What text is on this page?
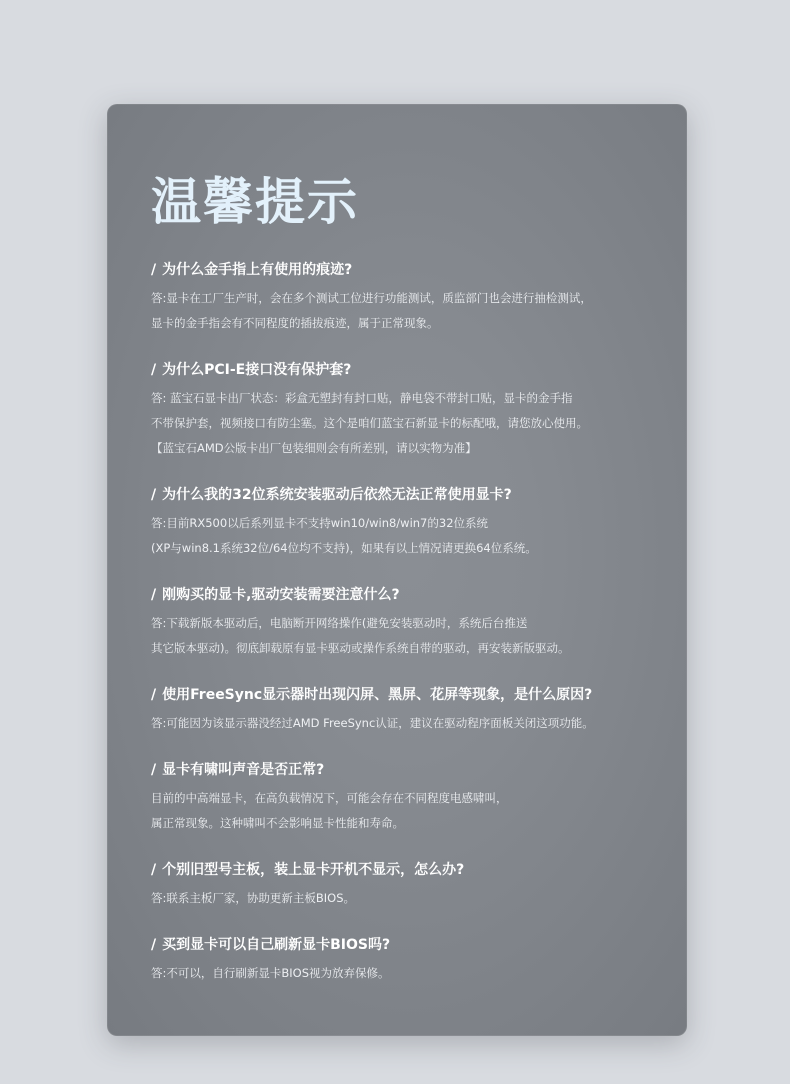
温馨提示
/ 为什么金手指上有使用的痕迹?
答:显卡在工厂生产时，会在多个测试工位进行功能测试，质监部门也会进行抽检测试，
显卡的金手指会有不同程度的插拔痕迹，属于正常现象。
/ 为什么PCI-E接口没有保护套?
答: 蓝宝石显卡出厂状态：彩盒无塑封有封口贴，静电袋不带封口贴，显卡的金手指
不带保护套，视频接口有防尘塞。这个是咱们蓝宝石新显卡的标配哦，请您放心使用。
【蓝宝石AMD公版卡出厂包装细则会有所差别，请以实物为准】
/ 为什么我的32位系统安装驱动后依然无法正常使用显卡?
答:目前RX500以后系列显卡不支持win10/win8/win7的32位系统
(XP与win8.1系统32位/64位均不支持)，如果有以上情况请更换64位系统。
/ 刚购买的显卡,驱动安装需要注意什么?
答:下载新版本驱动后，电脑断开网络操作(避免安装驱动时，系统后台推送
其它版本驱动)。彻底卸载原有显卡驱动或操作系统自带的驱动，再安装新版驱动。
/ 使用FreeSync显示器时出现闪屏、黑屏、花屏等现象，是什么原因?
答:可能因为该显示器没经过AMD FreeSync认证，建议在驱动程序面板关闭这项功能。
/ 显卡有啸叫声音是否正常?
目前的中高端显卡，在高负载情况下，可能会存在不同程度电感啸叫，
属正常现象。这种啸叫不会影响显卡性能和寿命。
/ 个别旧型号主板，装上显卡开机不显示，怎么办?
答:联系主板厂家，协助更新主板BIOS。
/ 买到显卡可以自己刷新显卡BIOS吗?
答:不可以，自行刷新显卡BIOS视为放弃保修。
